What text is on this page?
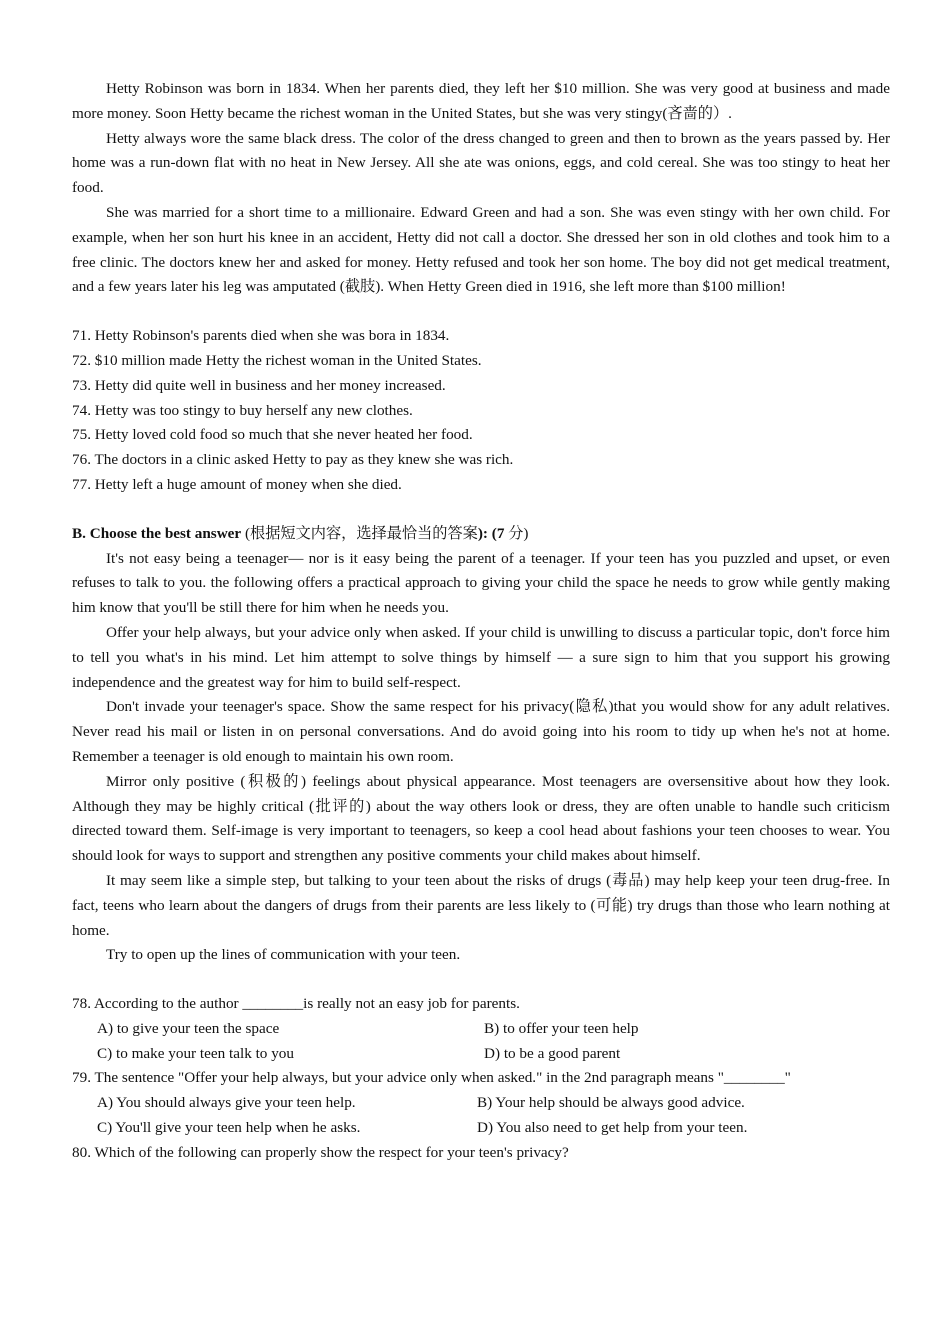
Hetty Robinson was born in 1834. When her parents died, they left her $10 million. She was very good at business and made more money. Soon Hetty became the richest woman in the United States, but she was very stingy(吝啬的）.

Hetty always wore the same black dress. The color of the dress changed to green and then to brown as the years passed by. Her home was a run-down flat with no heat in New Jersey. All she ate was onions, eggs, and cold cereal. She was too stingy to heat her food.

She was married for a short time to a millionaire. Edward Green and had a son. She was even stingy with her own child. For example, when her son hurt his knee in an accident, Hetty did not call a doctor. She dressed her son in old clothes and took him to a free clinic. The doctors knew her and asked for money. Hetty refused and took her son home. The boy did not get medical treatment, and a few years later his leg was amputated (截肢). When Hetty Green died in 1916, she left more than $100 million!

71. Hetty Robinson's parents died when she was bora in 1834.

72. $10 million made Hetty the richest woman in the United States.

73. Hetty did quite well in business and her money increased.

74. Hetty was too stingy to buy herself any new clothes.

75. Hetty loved cold food so much that she never heated her food.

76. The doctors in a clinic asked Hetty to pay as they knew she was rich.

77. Hetty left a huge amount of money when she died.

B. Choose the best answer (根据短文内容，选择最恰当的答案): (7 分)

It's not easy being a teenager— nor is it easy being the parent of a teenager. If your teen has you puzzled and upset, or even refuses to talk to you. the following offers a practical approach to giving your child the space he needs to grow while gently making him know that you'll be still there for him when he needs you.

Offer your help always, but your advice only when asked. If your child is unwilling to discuss a particular topic, don't force him to tell you what's in his mind. Let him attempt to solve things by himself — a sure sign to him that you support his growing independence and the greatest way for him to build self-respect.

Don't invade your teenager's space. Show the same respect for his privacy(隐私)that you would show for any adult relatives. Never read his mail or listen in on personal conversations. And do avoid going into his room to tidy up when he's not at home. Remember a teenager is old enough to maintain his own room.

Mirror only positive (积极的) feelings about physical appearance. Most teenagers are oversensitive about how they look. Although they may be highly critical (批评的) about the way others look or dress, they are often unable to handle such criticism directed toward them. Self-image is very important to teenagers, so keep a cool head about fashions your teen chooses to wear. You should look for ways to support and strengthen any positive comments your child makes about himself.

It may seem like a simple step, but talking to your teen about the risks of drugs (毒品) may help keep your teen drug-free. In fact, teens who learn about the dangers of drugs from their parents are less likely to (可能) try drugs than those who learn nothing at home.

Try to open up the lines of communication with your teen.

78. According to the author ________is really not an easy job for parents.

A) to give your teen the space	B) to offer your teen help
C) to make your teen talk to you	D) to be a good parent

79. The sentence "Offer your help always, but your advice only when asked." in the 2nd paragraph means "________"

A) You should always give your teen help.	B) Your help should be always good advice.
C) You'll give your teen help when he asks.	D) You also need to get help from your teen.

80. Which of the following can properly show the respect for your teen's privacy?
